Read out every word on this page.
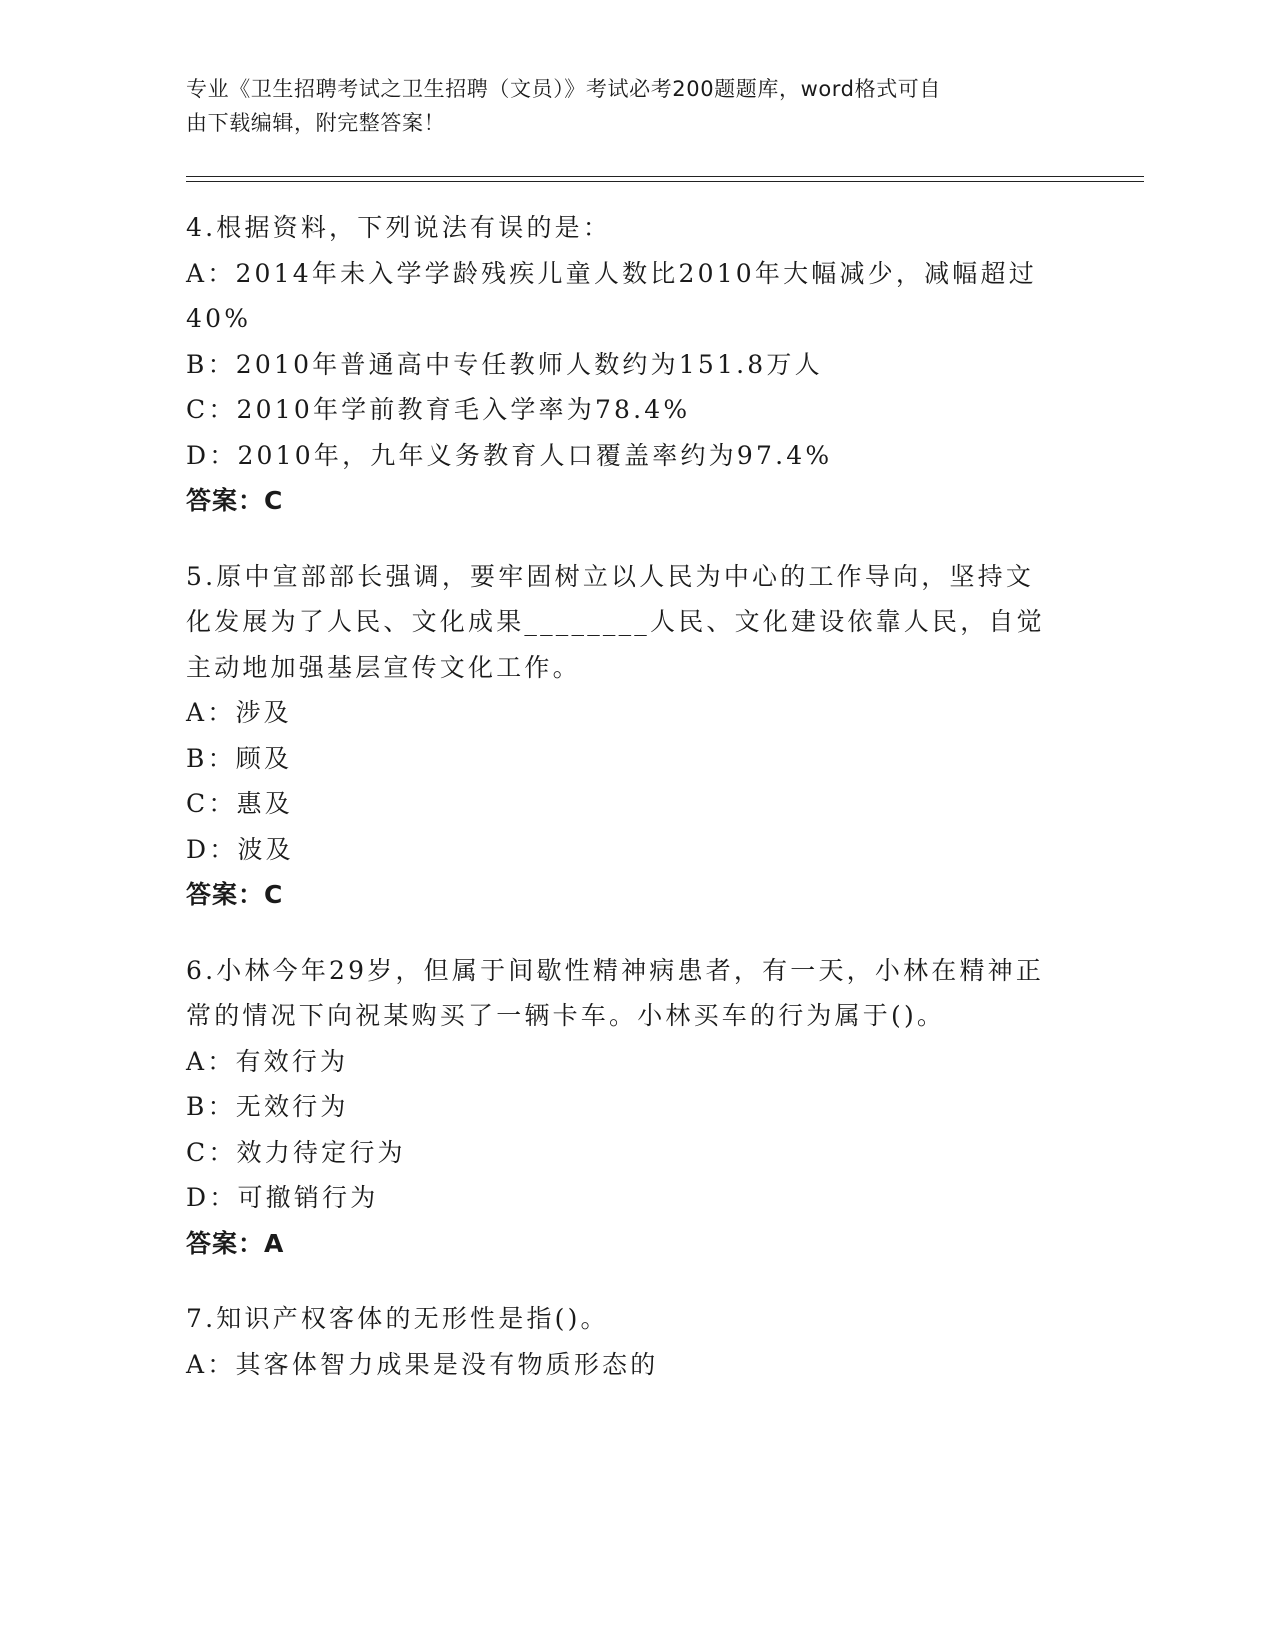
专业《卫生招聘考试之卫生招聘（文员）》考试必考200题题库，word格式可自
由下载编辑，附完整答案！
4.根据资料，下列说法有误的是：
A：2014年未入学学龄残疾儿童人数比2010年大幅减少，减幅超过
40%
B：2010年普通高中专任教师人数约为151.8万人
C：2010年学前教育毛入学率为78.4%
D：2010年，九年义务教育人口覆盖率约为97.4%
答案：C
5.原中宣部部长强调，要牢固树立以人民为中心的工作导向，坚持文
化发展为了人民、文化成果________人民、文化建设依靠人民，自觉
主动地加强基层宣传文化工作。
A：涉及
B：顾及
C：惠及
D：波及
答案：C
6.小林今年29岁，但属于间歇性精神病患者，有一天，小林在精神正
常的情况下向祝某购买了一辆卡车。小林买车的行为属于()。
A：有效行为
B：无效行为
C：效力待定行为
D：可撤销行为
答案：A
7.知识产权客体的无形性是指()。
A：其客体智力成果是没有物质形态的
